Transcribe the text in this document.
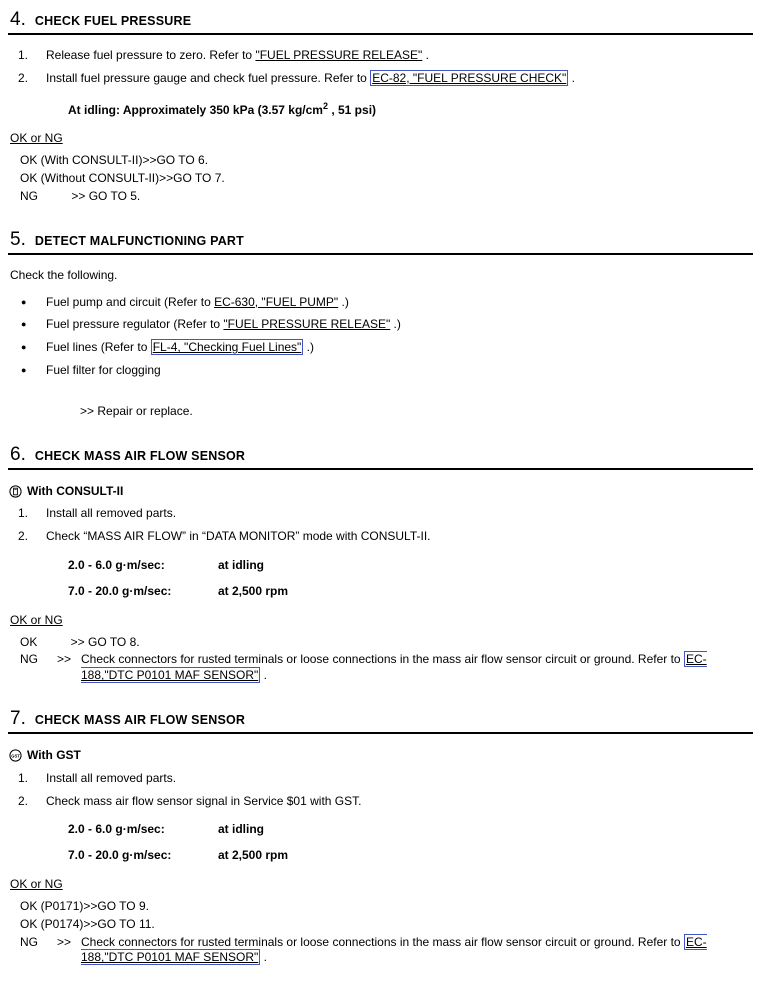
4. CHECK FUEL PRESSURE
1.	Release fuel pressure to zero. Refer to "FUEL PRESSURE RELEASE" .
2.	Install fuel pressure gauge and check fuel pressure. Refer to EC-82, "FUEL PRESSURE CHECK" .
At idling: Approximately 350 kPa (3.57 $kg/cm^2$ , 51 psi)
OK or NG
OK (With CONSULT-II)>>GO TO 6.
OK (Without CONSULT-II)>>GO TO 7.
NG          >> GO TO 5.
5. DETECT MALFUNCTIONING PART
Check the following.
●	Fuel pump and circuit (Refer to EC-630, "FUEL PUMP" .)
●	Fuel pressure regulator (Refer to "FUEL PRESSURE RELEASE" .)
●	Fuel lines (Refer to FL-4, "Checking Fuel Lines" .)
●	Fuel filter for clogging
>> Repair or replace.
6. CHECK MASS AIR FLOW SENSOR
With CONSULT-II
1.	Install all removed parts.
2.	Check “MASS AIR FLOW” in “DATA MONITOR” mode with CONSULT-II.
2.0 - 6.0 g·m/sec:	at idling
7.0 - 20.0 g·m/sec:	at 2,500 rpm
OK or NG
OK          >> GO TO 8.
NG	>> Check connectors for rusted terminals or loose connections in the mass air flow sensor circuit or ground. Refer to EC-188,"DTC P0101 MAF SENSOR" .
7. CHECK MASS AIR FLOW SENSOR
GST With GST
1.	Install all removed parts.
2.	Check mass air flow sensor signal in Service $01 with GST.
2.0 - 6.0 g·m/sec:	at idling
7.0 - 20.0 g·m/sec:	at 2,500 rpm
OK or NG
OK (P0171)>>GO TO 9.
OK (P0174)>>GO TO 11.
NG	>> Check connectors for rusted terminals or loose connections in the mass air flow sensor circuit or ground. Refer to EC-188,"DTC P0101 MAF SENSOR" .
